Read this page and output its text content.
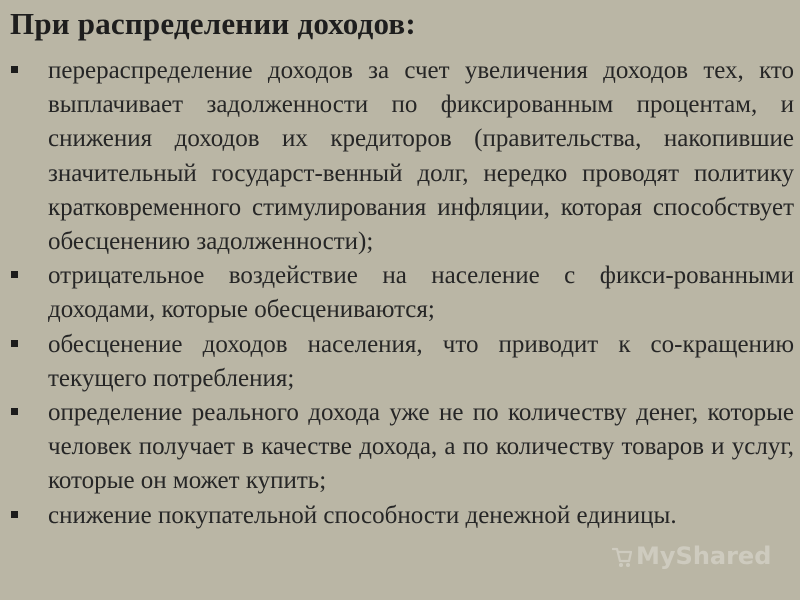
При распределении доходов:
перераспределение доходов за счет увеличения доходов тех, кто выплачивает задолженности по фиксированным процентам, и снижения доходов их кредиторов (правительства, накопившие значительный государст-венный долг, нередко проводят политику кратковременного стимулирования инфляции, которая способствует обесценению задолженности);
отрицательное воздействие на население с фикси-рованными доходами, которые обесцениваются;
обесценение доходов населения, что приводит к со-кращению текущего потребления;
определение реального дохода уже не по количеству денег, которые человек получает в качестве дохода, а по количеству товаров и услуг, которые он может купить;
снижение покупательной способности денежной единицы.
MyShared
